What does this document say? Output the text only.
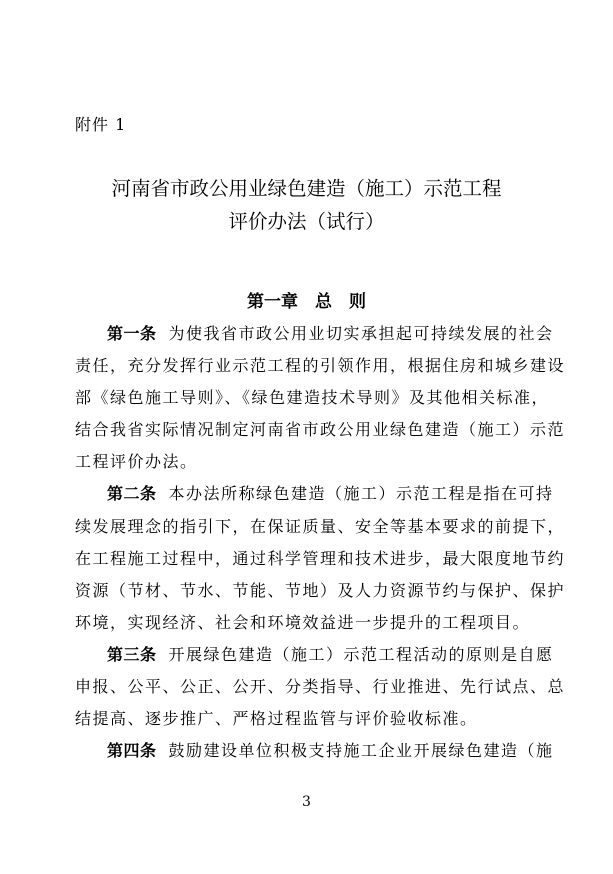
附件 1
河南省市政公用业绿色建造（施工）示范工程
评价办法（试行）
第一章　总　则
第一条 为使我省市政公用业切实承担起可持续发展的社会
责任，充分发挥行业示范工程的引领作用，根据住房和城乡建设
部《绿色施工导则》、《绿色建造技术导则》及其他相关标准，
结合我省实际情况制定河南省市政公用业绿色建造（施工）示范
工程评价办法。
第二条 本办法所称绿色建造（施工）示范工程是指在可持
续发展理念的指引下，在保证质量、安全等基本要求的前提下，
在工程施工过程中，通过科学管理和技术进步，最大限度地节约
资源（节材、节水、节能、节地）及人力资源节约与保护、保护
环境，实现经济、社会和环境效益进一步提升的工程项目。
第三条 开展绿色建造（施工）示范工程活动的原则是自愿
申报、公平、公正、公开、分类指导、行业推进、先行试点、总
结提高、逐步推广、严格过程监管与评价验收标准。
第四条 鼓励建设单位积极支持施工企业开展绿色建造（施
3
